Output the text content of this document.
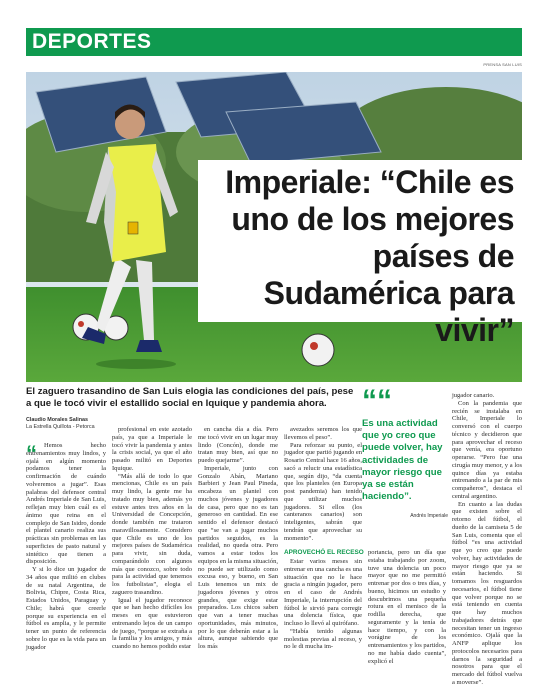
DEPORTES
PRENSA SAN LUIS
Imperiale: “Chile es uno de los mejores países de Sudamérica para vivir”
El zaguero trasandino de San Luis elogia las condiciones del país, pese a que le tocó vivir el estallido social en Iquique y pandemia ahora.
Claudio Morales Salinas
La Estrella Quillota - Petorca
“	Hemos hecho entrenamientos muy lindos, y ojalá en algún momento podamos tener la confirmación de cuándo volveremos a jugar”. Esas palabras del defensor central Andrés Imperiale de San Luis, reflejan muy bien cuál es el ánimo que reina en el complejo de San Isidro, donde el plantel canario realiza sus prácticas sin problemas en las superficies de pasto natural y sintético que tienen a disposición.

Y si lo dice un jugador de 34 años que militó en clubes de su natal Argentina, de Bolivia, Chipre, Costa Rica, Estados Unidos, Paraguay y Chile; habrá que creerle porque su experiencia en el fútbol es amplia, y le permite tener un punto de referencia sobre lo que es la vida para un jugador

profesional en este azotado país, ya que a Imperiale le tocó vivir la pandemia y antes la crisis social, ya que el año pasado militó en Deportes Iquique.

“Más allá de todo lo que mencionas, Chile es un país muy lindo, la gente me ha tratado muy bien, además yo estuve antes tres años en la Universidad de Concepción, donde también me trataron maravillosamente. Considero que Chile es uno de los mejores países de Sudamérica para vivir, sin duda, comparándolo con algunos más que conozco, sobre todo para la actividad que tenemos los futbolistas”, elogia el zaguero trasandino.

Igual el jugador reconoce que se han hecho difíciles los meses en que estuvieron entrenando lejos de un campo de juego, “porque se extraña a la familia y los amigos, y más cuando no hemos podido estar

en cancha día a día. Pero me tocó vivir en un lugar muy lindo (Concón), donde me tratan muy bien, así que no puedo quejarme”.

Imperiale, junto con Gonzalo Abán, Mariano Barbieri y Jean Paul Pineda, encabeza un plantel con muchos jóvenes y jugadores de casa, pero que no es tan generoso en cantidad. En ese sentido el defensor destacó que “se van a jugar muchos partidos seguidos, es la realidad, no queda otra. Pero vamos a estar todos los equipos en la misma situación, no puede ser utilizado como excusa eso, y bueno, en San Luis tenemos un mix de jugadores jóvenes y otros grandes, que exige estar preparados. Los chicos saben que van a tener muchas oportunidades, más minutos, por lo que deberán estar a la altura, aunque sabiendo que los más

avezados seremos los que llevemos el peso”.

Para reforzar su punto, el jugador que partió jugando en Rosario Central hace 16 años, sacó a relucir una estadística que, según dijo, “da cuenta que los planteles (en Europa post pandemia) han tenido que utilizar muchos jugadores. Si ellos (los canteranos canarios) son inteligentes, sabrán que tendrán que aprovechar su momento”.

APROVECHÓ EL RECESO

Estar varios meses sin entrenar en una cancha es una situación que no le hace gracia a ningún jugador, pero en el caso de Andrés Imperiale, la interrupción del fútbol le sirvió para corregir una dolencia física, que incluso lo llevó al quirófano.

“Había tenido algunas molestias previas al receso, y no le di mucha im-

““
Es una actividad que yo creo que puede volver, hay actividades de mayor riesgo que ya se están haciendo”.
Andrés Imperiale

portancia, pero un día que estaba trabajando por zoom, tuve una dolencia un poco mayor que no me permitió entrenar por dos o tres días, y bueno, hicimos un estudio y descubrimos una pequeña rotura en el menisco de la rodilla derecha, que seguramente y la tenía de hace tiempo, y con la vorágine de los entrenamientos y los partidos, no me había dado cuenta”, explicó el

jugador canario.

Con la pandemia que recién se instalaba en Chile, Imperiale lo conversó con el cuerpo técnico y decidieron que para aprovechar el receso que venía, era oportuno operarse. “Pero fue una cirugía muy menor, y a los quince días ya estaba entrenando a la par de mis compañeros”, destaca el central argentino.

En cuanto a las dudas que existen sobre el retorno del fútbol, el dueño de la camiseta 5 de San Luis, comenta que el fútbol “es una actividad que yo creo que puede volver, hay actividades de mayor riesgo que ya se están haciendo. Si tomamos los resguardos necesarios, el fútbol tiene que volver porque no se está teniendo en cuenta que hay muchos trabajadores detrás que necesitan tener un ingreso económico. Ojalá que la ANFP aplique los protocolos necesarios para darnos la seguridad a nosotros para que el mercado del fútbol vuelva a moverse”.
